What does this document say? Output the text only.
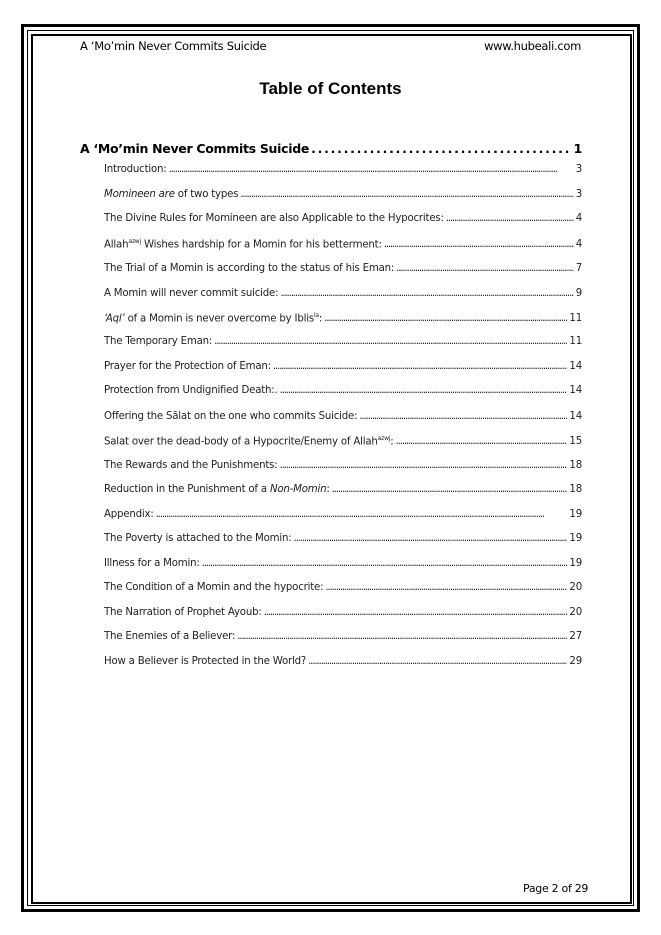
A ‘Mo’min Never Commits Suicide	www.hubeali.com
Table of Contents
A ‘Mo’min Never Commits Suicide . . .	1
Introduction: . . .	3
Momineen are of two types . . .	3
The Divine Rules for Momineen are also Applicable to the Hypocrites: . . .	4
Allah$^{azwj}$ Wishes hardship for a Momin for his betterment: . . .	4
The Trial of a Momin is according to the status of his Eman: . . .	7
A Momin will never commit suicide: . . .	9
‘Aql’ of a Momin is never overcome by Iblis$^{la}$: . . .	11
The Temporary Eman: . . .	11
Prayer for the Protection of Eman: . . .	14
Protection from Undignified Death:. . . .	14
Offering the Sālat on the one who commits Suicide: . . .	14
Salat over the dead-body of a Hypocrite/Enemy of Allah$^{azwj}$: . . .	15
The Rewards and the Punishments: . . .	18
Reduction in the Punishment of a Non-Momin: . . .	18
Appendix: . . .	19
The Poverty is attached to the Momin: . . .	19
Illness for a Momin: . . .	19
The Condition of a Momin and the hypocrite: . . .	20
The Narration of Prophet Ayoub: . . .	20
The Enemies of a Believer: . . .	27
How a Believer is Protected in the World? . . .	29
Page 2 of 29
